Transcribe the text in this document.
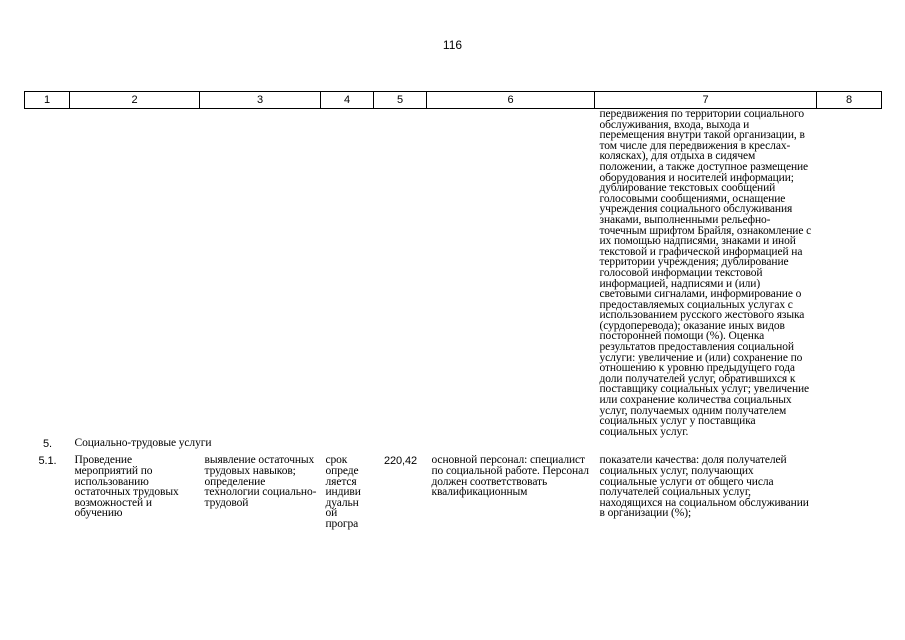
116
1	2	3	4	5	6	7	8
						передвижения по территории социального обслуживания, входа, выхода и перемещения внутри такой организации, в том числе для передвижения в креслах-колясках), для отдыха в сидячем положении, а также доступное размещение оборудования и носителей информации; дублирование текстовых сообщений голосовыми сообщениями, оснащение учреждения социального обслуживания знаками, выполненными рельефно-точечным шрифтом Брайля, ознакомление с их помощью надписями, знаками и иной текстовой и графической информацией на территории учреждения; дублирование голосовой информации текстовой информацией, надписями и (или) световыми сигналами, информирование о предоставляемых социальных услугах с использованием русского жестового языка (сурдоперевода); оказание иных видов посторонней помощи (%). Оценка результатов предоставления социальной услуги: увеличение и (или) сохранение по отношению к уровню предыдущего года доли получателей услуг, обратившихся к поставщику социальных услуг; увеличение или сохранение количества социальных услуг, получаемых одним получателем социальных услуг у поставщика социальных услуг.	
5.	Социально-трудовые услуги						
5.1.	Проведение мероприятий по использованию остаточных трудовых возможностей и обучению	выявление остаточных трудовых навыков; определение технологии социально-трудовой	срок опреде ляется индиви дуальн ой програ	220,42	основной персонал: специалист по социальной работе. Персонал должен соответствовать квалификационным	показатели качества: доля получателей социальных услуг, получающих социальные услуги от общего числа получателей социальных услуг, находящихся на социальном обслуживании в организации (%);	
